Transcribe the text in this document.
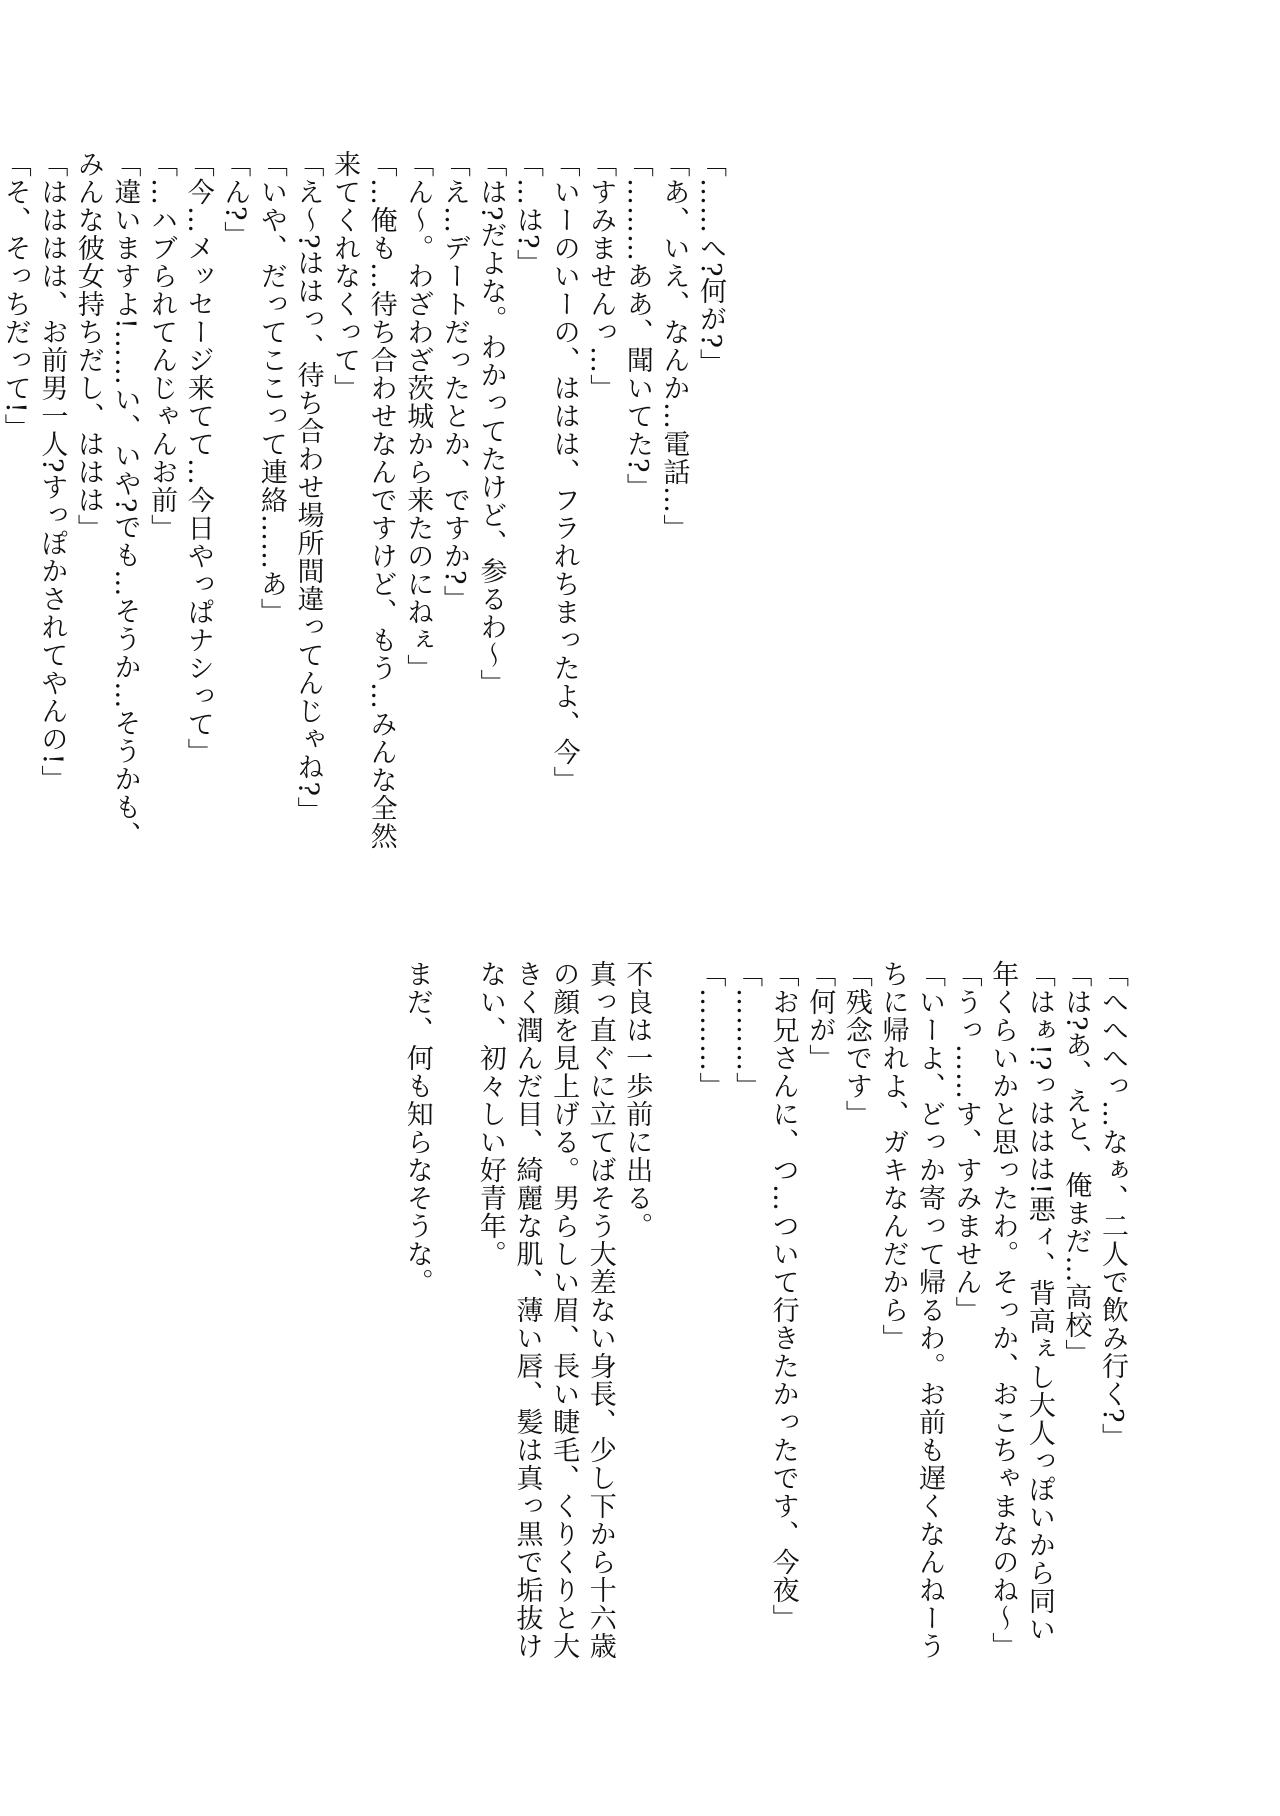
「……へ?何が?」
「あ、いえ、なんか…電話…」
「………ああ、聞いてた?」
「すみませんっ…」
「いーのいーの、ははは、フラれちまったよ、今」
「…は?」
「は?だよな。わかってたけど、参るわ〜」
「え…デートだったとか、ですか?」
「ん〜。わざわざ茨城から来たのにねぇ」
「…俺も…待ち合わせなんですけど、もう…みんな全然
来てくれなくって」
「え〜?ははっ、待ち合わせ場所間違ってんじゃね?」
「いや、だってここって連絡……あ」
「ん?」
「今…メッセージ来てて…今日やっぱナシって」
「…ハブられてんじゃんお前」
「違いますよ!……い、いや?でも…そうか…そうかも、
みんな彼女持ちだし、ははは」
「はははは、お前男一人?すっぽかされてやんの!」
「そ、そっちだって!」
「へへへっ…なぁ、二人で飲み行く?」
「は?あ、えと、俺まだ…高校」
「はぁ!?っははは!悪ィ、背高ぇし大人っぽいから同い
年くらいかと思ったわ。そっか、おこちゃまなのね〜」
「うっ……す、すみません」
「いーよ、どっか寄って帰るわ。お前も遅くなんねーう
ちに帰れよ、ガキなんだから」
「残念です」
「何が」
「お兄さんに、つ…ついて行きたかったです、今夜」
「………」
「………」

不良は一歩前に出る。
真っ直ぐに立てばそう大差ない身長、少し下から十六歳
の顔を見上げる。男らしい眉、長い睫毛、くりくりと大
きく潤んだ目、綺麗な肌、薄い唇、髪は真っ黒で垢抜け
ない、初々しい好青年。

まだ、何も知らなそうな。
